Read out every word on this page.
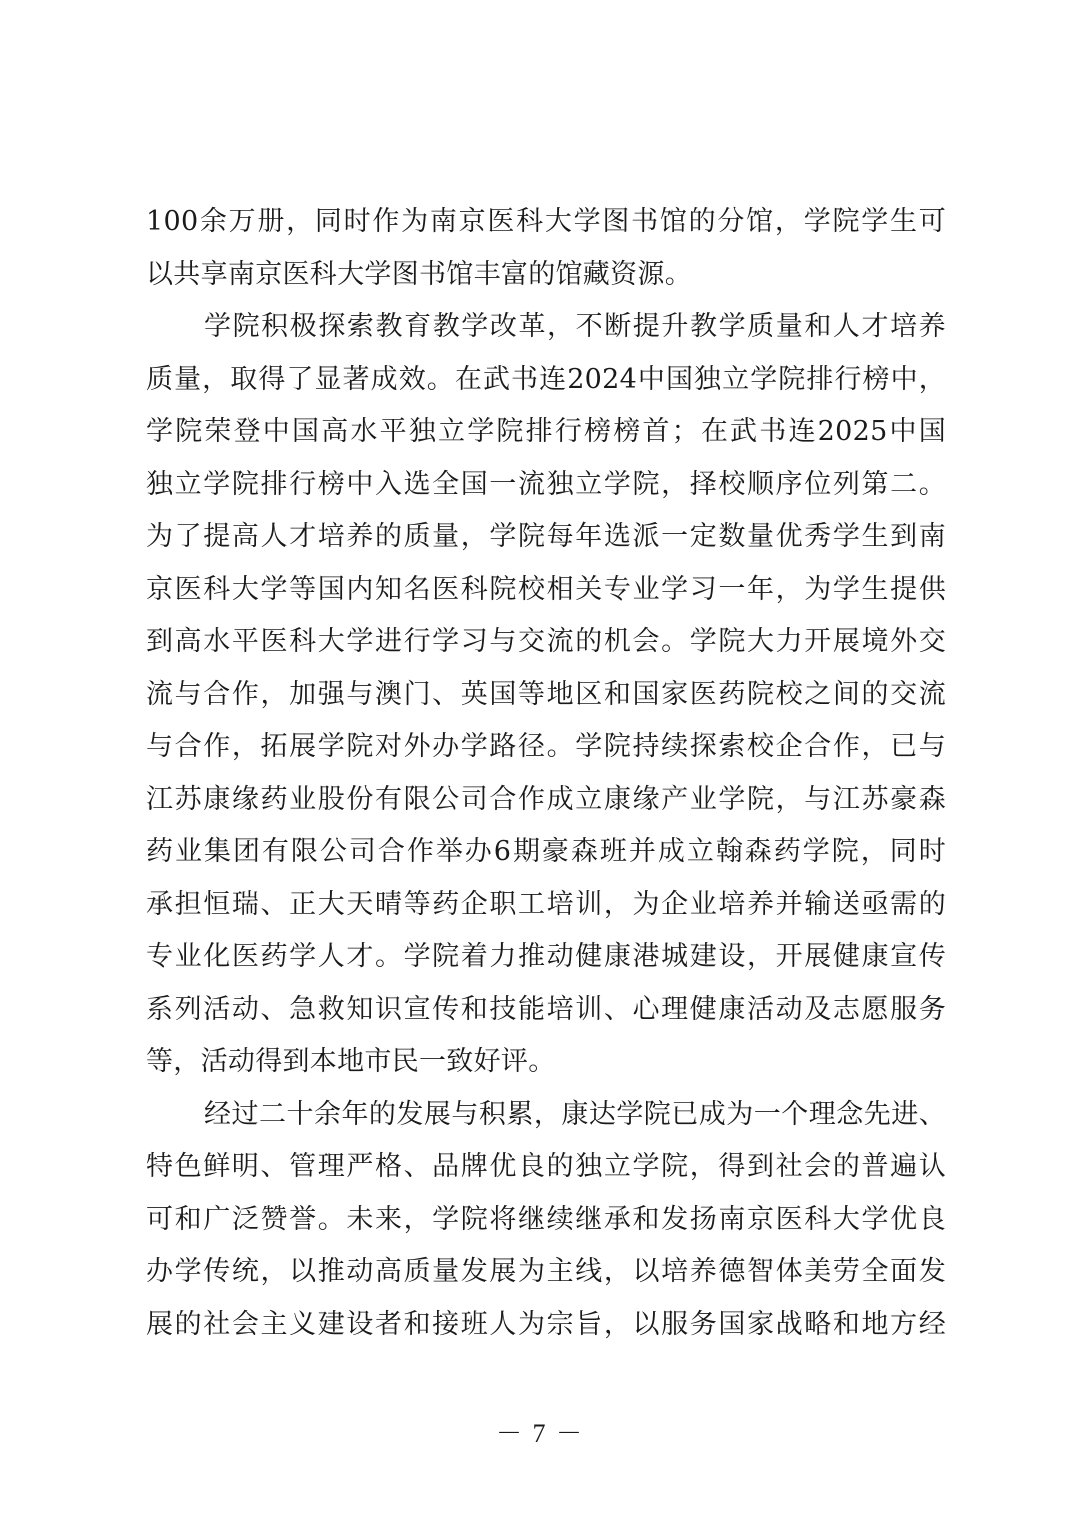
100余万册，同时作为南京医科大学图书馆的分馆，学院学生可
以共享南京医科大学图书馆丰富的馆藏资源。
学院积极探索教育教学改革，不断提升教学质量和人才培养
质量，取得了显著成效。在武书连2024中国独立学院排行榜中，
学院荣登中国高水平独立学院排行榜榜首；在武书连2025中国
独立学院排行榜中入选全国一流独立学院，择校顺序位列第二。
为了提高人才培养的质量，学院每年选派一定数量优秀学生到南
京医科大学等国内知名医科院校相关专业学习一年，为学生提供
到高水平医科大学进行学习与交流的机会。学院大力开展境外交
流与合作，加强与澳门、英国等地区和国家医药院校之间的交流
与合作，拓展学院对外办学路径。学院持续探索校企合作，已与
江苏康缘药业股份有限公司合作成立康缘产业学院，与江苏豪森
药业集团有限公司合作举办6期豪森班并成立翰森药学院，同时
承担恒瑞、正大天晴等药企职工培训，为企业培养并输送亟需的
专业化医药学人才。学院着力推动健康港城建设，开展健康宣传
系列活动、急救知识宣传和技能培训、心理健康活动及志愿服务
等，活动得到本地市民一致好评。
经过二十余年的发展与积累，康达学院已成为一个理念先进、
特色鲜明、管理严格、品牌优良的独立学院，得到社会的普遍认
可和广泛赞誉。未来，学院将继续继承和发扬南京医科大学优良
办学传统，以推动高质量发展为主线，以培养德智体美劳全面发
展的社会主义建设者和接班人为宗旨，以服务国家战略和地方经
－ 7 －
